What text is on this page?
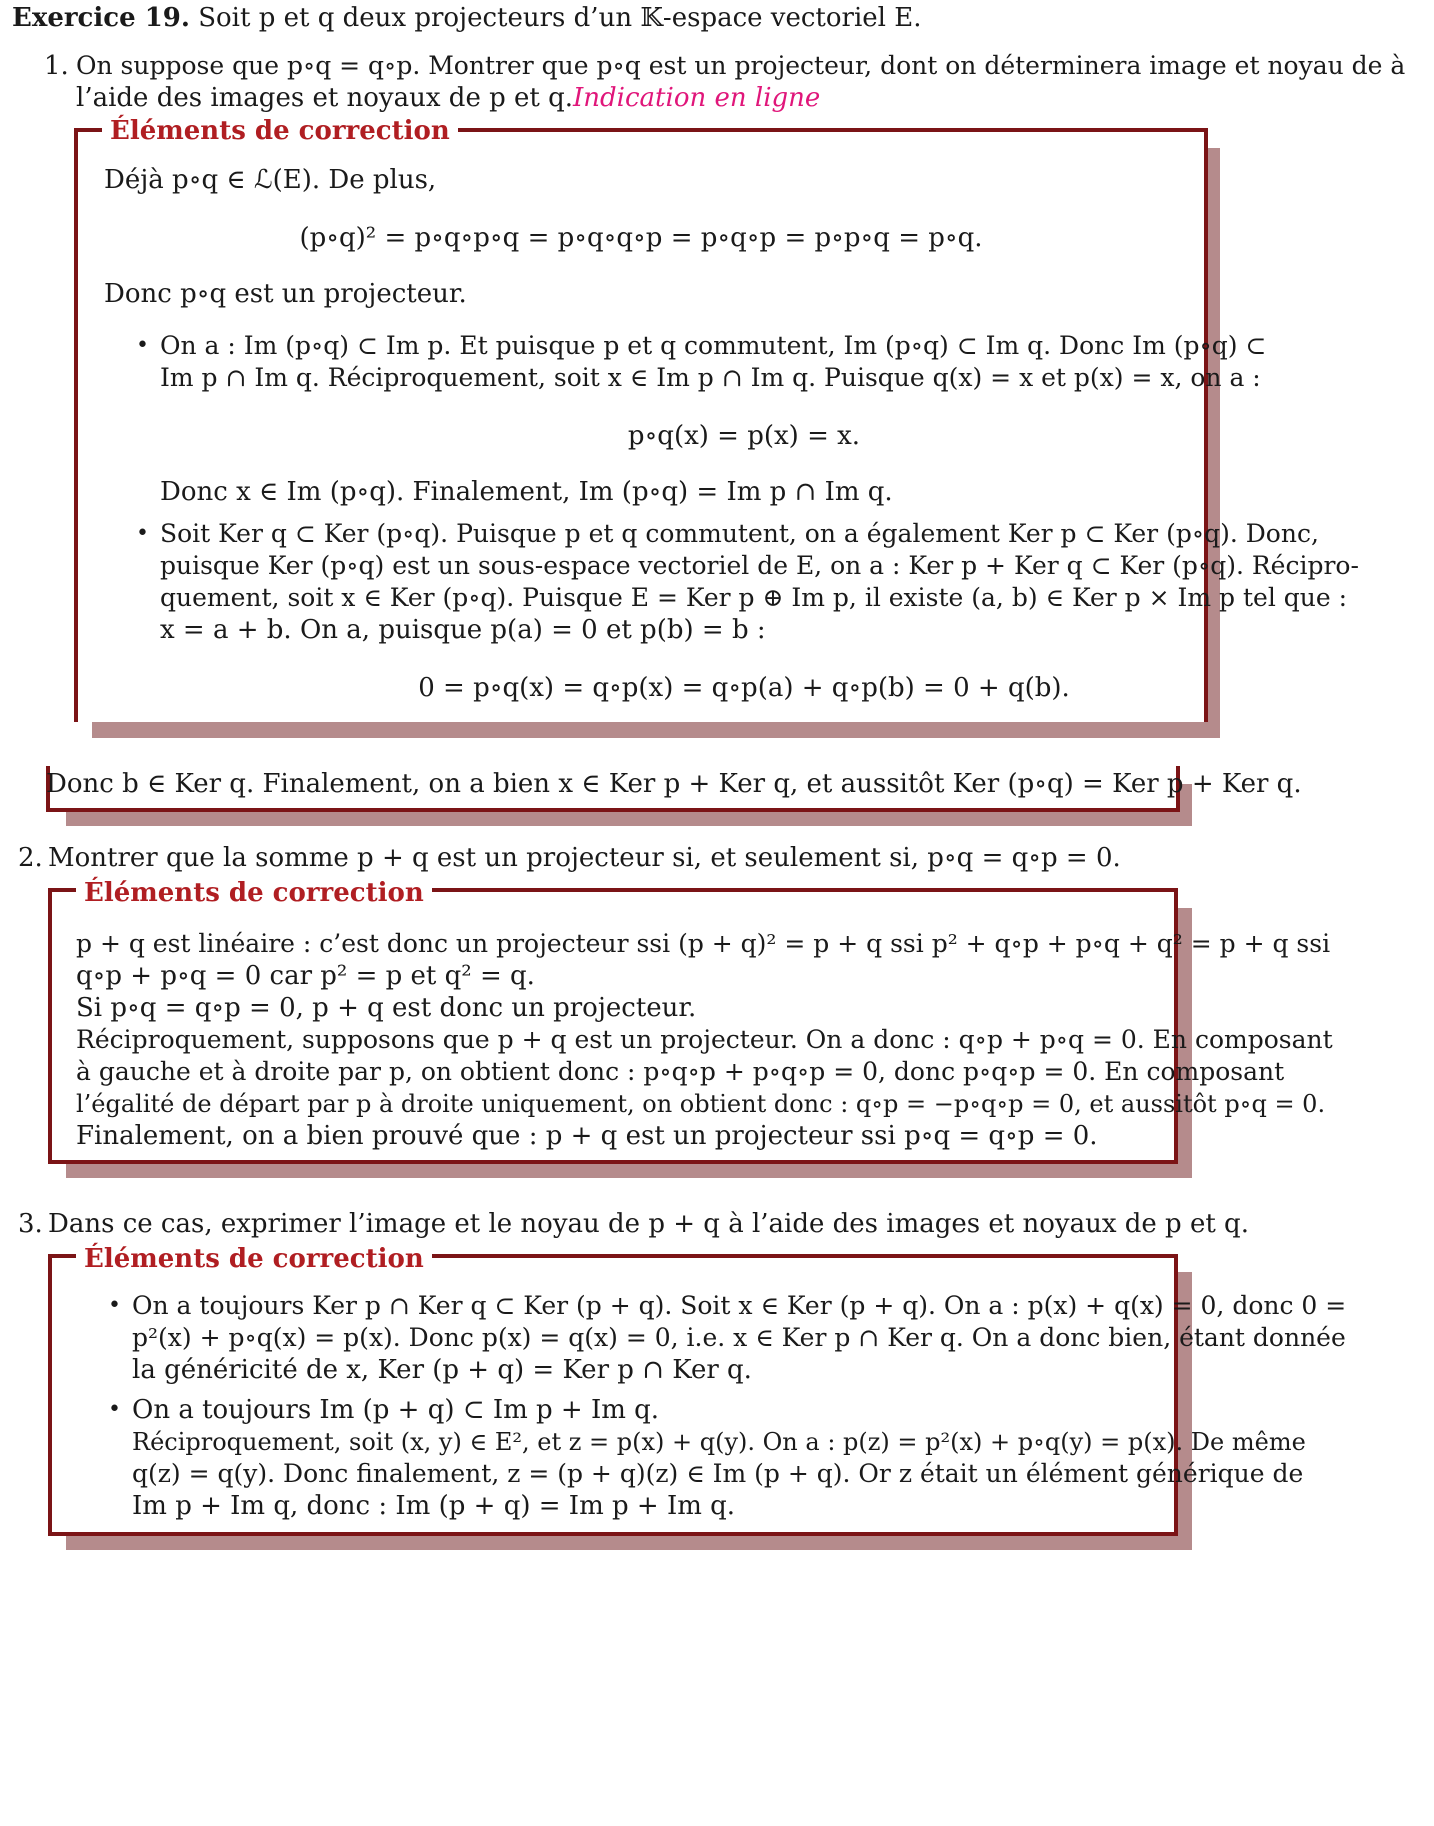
Exercice 19. Soit p et q deux projecteurs d’un 𝕂-espace vectoriel E.
1. On suppose que p∘q = q∘p. Montrer que p∘q est un projecteur, dont on déterminera image et noyau de à
l’aide des images et noyaux de p et q.Indication en ligne
Éléments de correction
Déjà p∘q ∈ ℒ(E). De plus,
(p∘q)² = p∘q∘p∘q = p∘q∘q∘p = p∘q∘p = p∘p∘q = p∘q.
Donc p∘q est un projecteur.
• On a : Im (p∘q) ⊂ Im p. Et puisque p et q commutent, Im (p∘q) ⊂ Im q. Donc Im (p∘q) ⊂
Im p ∩ Im q. Réciproquement, soit x ∈ Im p ∩ Im q. Puisque q(x) = x et p(x) = x, on a :
p∘q(x) = p(x) = x.
Donc x ∈ Im (p∘q). Finalement, Im (p∘q) = Im p ∩ Im q.
• Soit Ker q ⊂ Ker (p∘q). Puisque p et q commutent, on a également Ker p ⊂ Ker (p∘q). Donc,
puisque Ker (p∘q) est un sous-espace vectoriel de E, on a : Ker p + Ker q ⊂ Ker (p∘q). Récipro-
quement, soit x ∈ Ker (p∘q). Puisque E = Ker p ⊕ Im p, il existe (a, b) ∈ Ker p × Im p tel que :
x = a + b. On a, puisque p(a) = 0 et p(b) = b :
0 = p∘q(x) = q∘p(x) = q∘p(a) + q∘p(b) = 0 + q(b).
Donc b ∈ Ker q. Finalement, on a bien x ∈ Ker p + Ker q, et aussitôt Ker (p∘q) = Ker p + Ker q.
2. Montrer que la somme p + q est un projecteur si, et seulement si, p∘q = q∘p = 0.
Éléments de correction
p + q est linéaire : c’est donc un projecteur ssi (p + q)² = p + q ssi p² + q∘p + p∘q + q² = p + q ssi
q∘p + p∘q = 0 car p² = p et q² = q.
Si p∘q = q∘p = 0, p + q est donc un projecteur.
Réciproquement, supposons que p + q est un projecteur. On a donc : q∘p + p∘q = 0. En composant
à gauche et à droite par p, on obtient donc : p∘q∘p + p∘q∘p = 0, donc p∘q∘p = 0. En composant
l’égalité de départ par p à droite uniquement, on obtient donc : q∘p = −p∘q∘p = 0, et aussitôt p∘q = 0.
Finalement, on a bien prouvé que : p + q est un projecteur ssi p∘q = q∘p = 0.
3. Dans ce cas, exprimer l’image et le noyau de p + q à l’aide des images et noyaux de p et q.
Éléments de correction
• On a toujours Ker p ∩ Ker q ⊂ Ker (p + q). Soit x ∈ Ker (p + q). On a : p(x) + q(x) = 0, donc 0 =
p²(x) + p∘q(x) = p(x). Donc p(x) = q(x) = 0, i.e. x ∈ Ker p ∩ Ker q. On a donc bien, étant donnée
la généricité de x, Ker (p + q) = Ker p ∩ Ker q.
• On a toujours Im (p + q) ⊂ Im p + Im q.
Réciproquement, soit (x, y) ∈ E², et z = p(x) + q(y). On a : p(z) = p²(x) + p∘q(y) = p(x). De même
q(z) = q(y). Donc finalement, z = (p + q)(z) ∈ Im (p + q). Or z était un élément générique de
Im p + Im q, donc : Im (p + q) = Im p + Im q.
